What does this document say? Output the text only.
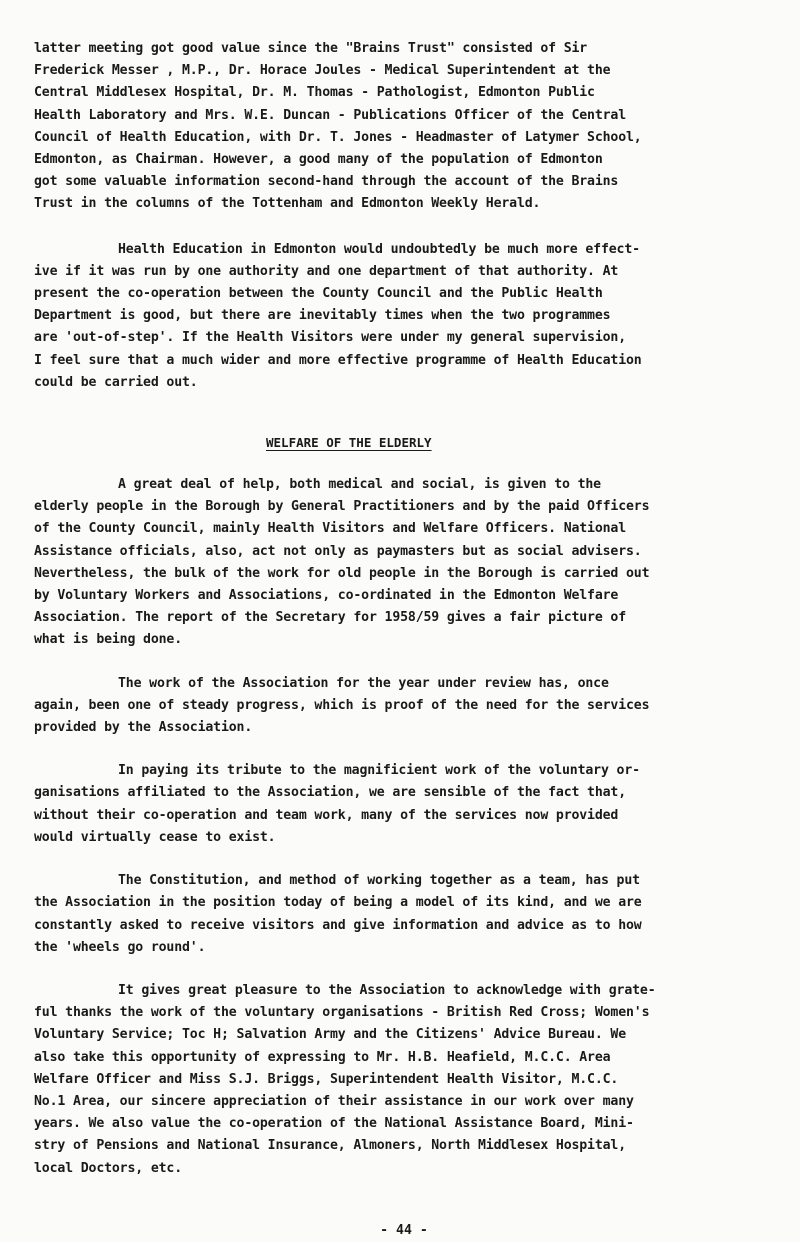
latter meeting got good value since the "Brains Trust" consisted of Sir
Frederick Messer , M.P., Dr. Horace Joules - Medical Superintendent at the
Central Middlesex Hospital, Dr. M. Thomas - Pathologist, Edmonton Public
Health Laboratory and Mrs. W.E. Duncan - Publications Officer of the Central
Council of Health Education, with Dr. T. Jones - Headmaster of Latymer School,
Edmonton, as Chairman. However, a good many of the population of Edmonton
got some valuable information second-hand through the account of the Brains
Trust in the columns of the Tottenham and Edmonton Weekly Herald.
Health Education in Edmonton would undoubtedly be much more effect-
ive if it was run by one authority and one department of that authority. At
present the co-operation between the County Council and the Public Health
Department is good, but there are inevitably times when the two programmes
are 'out-of-step'. If the Health Visitors were under my general supervision,
I feel sure that a much wider and more effective programme of Health Education
could be carried out.
WELFARE OF THE ELDERLY
A great deal of help, both medical and social, is given to the
elderly people in the Borough by General Practitioners and by the paid Officers
of the County Council, mainly Health Visitors and Welfare Officers. National
Assistance officials, also, act not only as paymasters but as social advisers.
Nevertheless, the bulk of the work for old people in the Borough is carried out
by Voluntary Workers and Associations, co-ordinated in the Edmonton Welfare
Association. The report of the Secretary for 1958/59 gives a fair picture of
what is being done.
The work of the Association for the year under review has, once
again, been one of steady progress, which is proof of the need for the services
provided by the Association.
In paying its tribute to the magnificient work of the voluntary or-
ganisations affiliated to the Association, we are sensible of the fact that,
without their co-operation and team work, many of the services now provided
would virtually cease to exist.
The Constitution, and method of working together as a team, has put
the Association in the position today of being a model of its kind, and we are
constantly asked to receive visitors and give information and advice as to how
the 'wheels go round'.
It gives great pleasure to the Association to acknowledge with grate-
ful thanks the work of the voluntary organisations - British Red Cross; Women's
Voluntary Service; Toc H; Salvation Army and the Citizens' Advice Bureau. We
also take this opportunity of expressing to Mr. H.B. Heafield, M.C.C. Area
Welfare Officer and Miss S.J. Briggs, Superintendent Health Visitor, M.C.C.
No.1 Area, our sincere appreciation of their assistance in our work over many
years. We also value the co-operation of the National Assistance Board, Mini-
stry of Pensions and National Insurance, Almoners, North Middlesex Hospital,
local Doctors, etc.
- 44 -
